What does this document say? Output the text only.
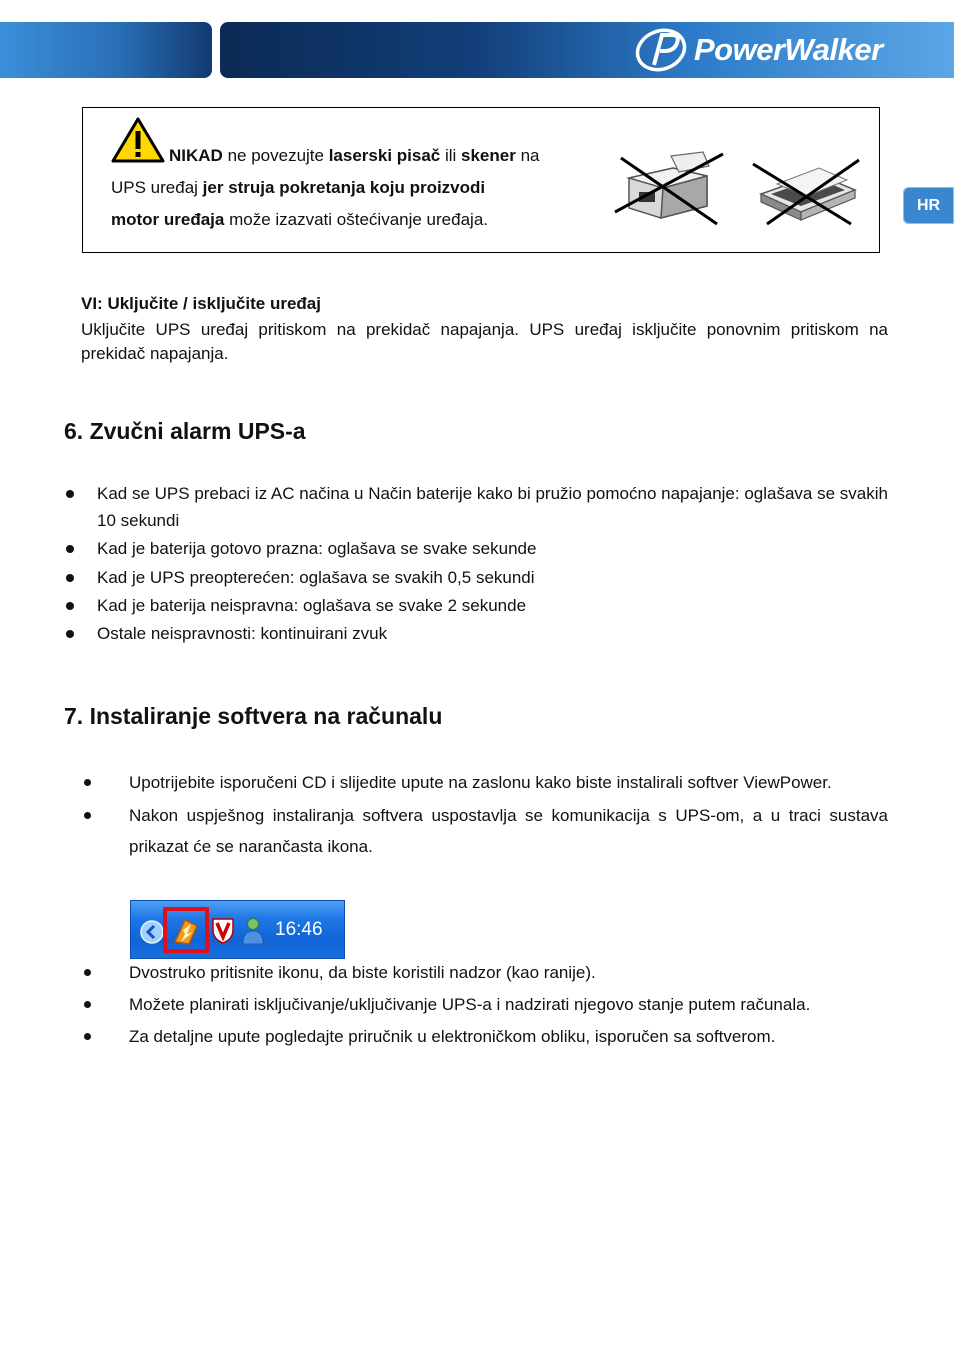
PowerWalker
HR
NIKAD ne povezujte laserski pisač ili skener na
UPS uređaj jer struja pokretanja koju proizvodi
motor uređaja može izazvati oštećivanje uređaja.
VI: Uključite / isključite uređaj

Uključite UPS uređaj pritiskom na prekidač napajanja. UPS uređaj isključite ponovnim pritiskom na prekidač napajanja.

6. Zvučni alarm UPS-a
Kad se UPS prebaci iz AC načina u Način baterije kako bi pružio pomoćno napajanje: oglašava se svakih 10 sekundi
Kad je baterija gotovo prazna: oglašava se svake sekunde
Kad je UPS preopterećen: oglašava se svakih 0,5 sekundi
Kad je baterija neispravna: oglašava se svake 2 sekunde
Ostale neispravnosti: kontinuirani zvuk
7. Instaliranje softvera na računalu
Upotrijebite isporučeni CD i slijedite upute na zaslonu kako biste instalirali softver ViewPower.
Nakon uspješnog instaliranja softvera uspostavlja se komunikacija s UPS-om, a u traci sustava prikazat će se narančasta ikona.
16:46
Dvostruko pritisnite ikonu, da biste koristili nadzor (kao ranije).
Možete planirati isključivanje/uključivanje UPS-a i nadzirati njegovo stanje putem računala.
Za detaljne upute pogledajte priručnik u elektroničkom obliku, isporučen sa softverom.
